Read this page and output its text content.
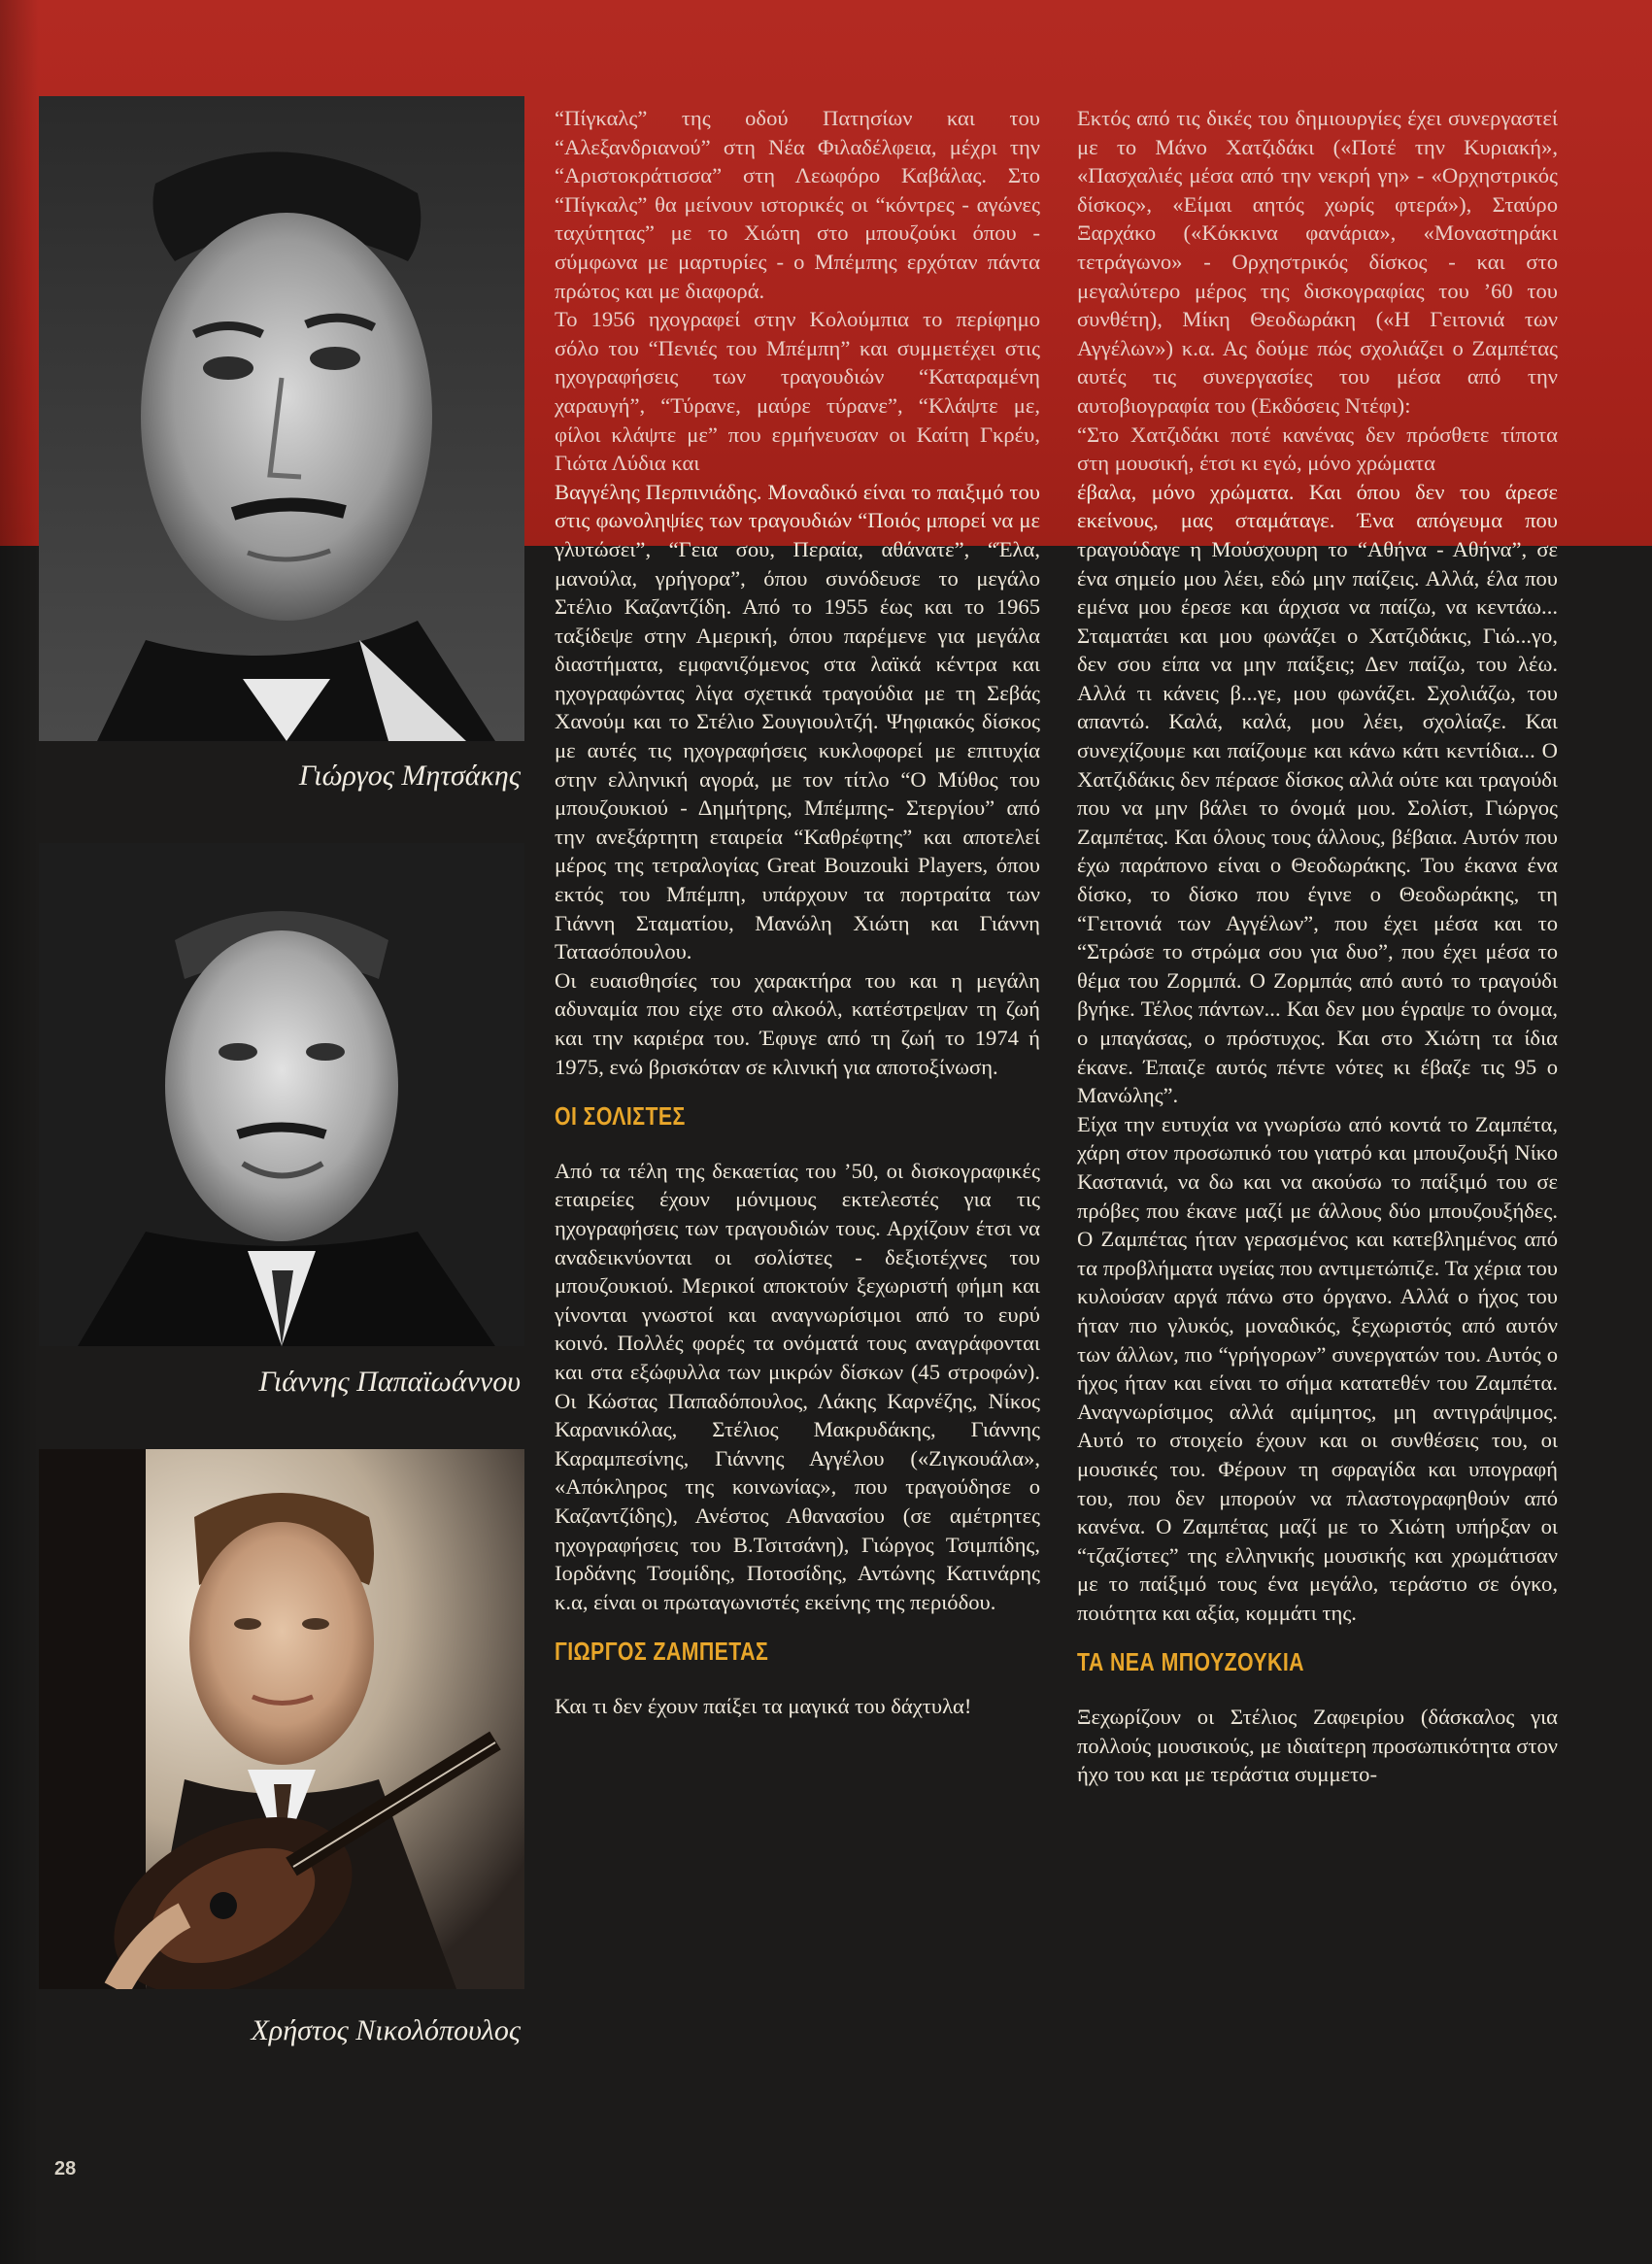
Γιώργος Μητσάκης
Γιάννης Παπαϊωάννου
Χρήστος Νικολόπουλος

“Πίγκαλς” της οδού Πατησίων και του “Αλεξανδριανού” στη Νέα Φιλαδέλφεια, μέχρι την “Αριστοκράτισσα” στη Λεωφόρο Καβάλας. Στο “Πίγκαλς” θα μείνουν ιστορικές οι “κόντρες - αγώνες ταχύτητας” με το Χιώτη στο μπουζούκι όπου - σύμφωνα με μαρτυρίες - ο Μπέμπης ερχόταν πάντα πρώτος και με διαφορά.

Το 1956 ηχογραφεί στην Κολούμπια το περίφημο σόλο του “Πενιές του Μπέμπη” και συμμετέχει στις ηχογραφήσεις των τραγουδιών “Καταραμένη χαραυγή”, “Τύρανε, μαύρε τύρανε”, “Κλάψτε με, φίλοι κλάψτε με” που ερμήνευσαν οι Καίτη Γκρέυ, Γιώτα Λύδια και

Βαγγέλης Περπινιάδης. Μοναδικό είναι το παιξιμό του στις φωνοληψίες των τραγουδιών “Ποιός μπορεί να με γλυτώσει”, “Γεια σου, Περαία, αθάνατε”, “Έλα, μανούλα, γρήγορα”, όπου συνόδευσε το μεγάλο Στέλιο Καζαντζίδη. Από το 1955 έως και το 1965 ταξίδεψε στην Αμερική, όπου παρέμενε για μεγάλα διαστήματα, εμφανιζόμενος στα λαϊκά κέντρα και ηχογραφώντας λίγα σχετικά τραγούδια με τη Σεβάς Χανούμ και το Στέλιο Σουγιουλτζή. Ψηφιακός δίσκος με αυτές τις ηχογραφήσεις κυκλοφορεί με επιτυχία στην ελληνική αγορά, με τον τίτλο “Ο Μύθος του μπουζουκιού - Δημήτρης, Μπέμπης- Στεργίου” από την ανεξάρτητη εταιρεία “Καθρέφτης” και αποτελεί μέρος της τετραλογίας Great Bouzouki Players, όπου εκτός του Μπέμπη, υπάρχουν τα πορτραίτα των Γιάννη Σταματίου, Μανώλη Χιώτη και Γιάννη Τατασόπουλου.

Οι ευαισθησίες του χαρακτήρα του και η μεγάλη αδυναμία που είχε στο αλκοόλ, κατέστρεψαν τη ζωή και την καριέρα του. Έφυγε από τη ζωή το 1974 ή 1975, ενώ βρισκόταν σε κλινική για αποτοξίνωση.

ΟΙ ΣΟΛΙΣΤΕΣ

Από τα τέλη της δεκαετίας του ’50, οι δισκογραφικές εταιρείες έχουν μόνιμους εκτελεστές για τις ηχογραφήσεις των τραγουδιών τους. Αρχίζουν έτσι να αναδεικνύονται οι σολίστες - δεξιοτέχνες του μπουζουκιού. Μερικοί αποκτούν ξεχωριστή φήμη και γίνονται γνωστοί και αναγνωρίσιμοι από το ευρύ κοινό. Πολλές φορές τα ονόματά τους αναγράφονται και στα εξώφυλλα των μικρών δίσκων (45 στροφών). Οι Κώστας Παπαδόπουλος, Λάκης Καρνέζης, Νίκος Καρανικόλας, Στέλιος Μακρυδάκης, Γιάννης Καραμπεσίνης, Γιάννης Αγγέλου («Ζιγκουάλα», «Απόκληρος της κοινωνίας», που τραγούδησε ο Καζαντζίδης), Ανέστος Αθανασίου (σε αμέτρητες ηχογραφήσεις του Β.Τσιτσάνη), Γιώργος Τσιμπίδης, Ιορδάνης Τσομίδης, Ποτοσίδης, Αντώνης Κατινάρης κ.α, είναι οι πρωταγωνιστές εκείνης της περιόδου.

ΓΙΩΡΓΟΣ ΖΑΜΠΕΤΑΣ

Και τι δεν έχουν παίξει τα μαγικά του δάχτυλα!

Εκτός από τις δικές του δημιουργίες έχει συνεργαστεί με το Μάνο Χατζιδάκι («Ποτέ την Κυριακή», «Πασχαλιές μέσα από την νεκρή γη» - «Ορχηστρικός δίσκος», «Είμαι αητός χωρίς φτερά»), Σταύρο Ξαρχάκο («Κόκκινα φανάρια», «Μοναστηράκι τετράγωνο» - Ορχηστρικός δίσκος - και στο μεγαλύτερο μέρος της δισκογραφίας του ’60 του συνθέτη), Μίκη Θεοδωράκη («Η Γειτονιά των Αγγέλων») κ.α. Ας δούμε πώς σχολιάζει ο Ζαμπέτας αυτές τις συνεργασίες του μέσα από την αυτοβιογραφία του (Εκδόσεις Ντέφι):

“Στο Χατζιδάκι ποτέ κανένας δεν πρόσθετε τίποτα στη μουσική, έτσι κι εγώ, μόνο χρώματα

έβαλα, μόνο χρώματα. Και όπου δεν του άρεσε εκείνους, μας σταμάταγε. Ένα απόγευμα που τραγούδαγε η Μούσχουρη το “Αθήνα - Αθήνα”, σε ένα σημείο μου λέει, εδώ μην παίζεις. Αλλά, έλα που εμένα μου έρεσε και άρχισα να παίζω, να κεντάω... Σταματάει και μου φωνάζει ο Χατζιδάκις, Γιώ...γο, δεν σου είπα να μην παίξεις; Δεν παίζω, του λέω. Αλλά τι κάνεις β...γε, μου φωνάζει. Σχολιάζω, του απαντώ. Καλά, καλά, μου λέει, σχολίαζε. Και συνεχίζουμε και παίζουμε και κάνω κάτι κεντίδια... Ο Χατζιδάκις δεν πέρασε δίσκος αλλά ούτε και τραγούδι που να μην βάλει το όνομά μου. Σολίστ, Γιώργος Ζαμπέτας. Και όλους τους άλλους, βέβαια. Αυτόν που έχω παράπονο είναι ο Θεοδωράκης. Του έκανα ένα δίσκο, το δίσκο που έγινε ο Θεοδωράκης, τη “Γειτονιά των Αγγέλων”, που έχει μέσα και το “Στρώσε το στρώμα σου για δυο”, που έχει μέσα το θέμα του Ζορμπά. Ο Ζορμπάς από αυτό το τραγούδι βγήκε. Τέλος πάντων... Και δεν μου έγραψε το όνομα, ο μπαγάσας, ο πρόστυχος. Και στο Χιώτη τα ίδια έκανε. Έπαιζε αυτός πέντε νότες κι έβαζε τις 95 ο Μανώλης”.

Είχα την ευτυχία να γνωρίσω από κοντά το Ζαμπέτα, χάρη στον προσωπικό του γιατρό και μπουζουξή Νίκο Καστανιά, να δω και να ακούσω το παίξιμό του σε πρόβες που έκανε μαζί με άλλους δύο μπουζουξήδες. Ο Ζαμπέτας ήταν γερασμένος και κατεβλημένος από τα προβλήματα υγείας που αντιμετώπιζε. Τα χέρια του κυλούσαν αργά πάνω στο όργανο. Αλλά ο ήχος του ήταν πιο γλυκός, μοναδικός, ξεχωριστός από αυτόν των άλλων, πιο “γρήγορων” συνεργατών του. Αυτός ο ήχος ήταν και είναι το σήμα κατατεθέν του Ζαμπέτα. Αναγνωρίσιμος αλλά αμίμητος, μη αντιγράψιμος. Αυτό το στοιχείο έχουν και οι συνθέσεις του, οι μουσικές του. Φέρουν τη σφραγίδα και υπογραφή του, που δεν μπορούν να πλαστογραφηθούν από κανένα. Ο Ζαμπέτας μαζί με το Χιώτη υπήρξαν οι “τζαζίστες” της ελληνικής μουσικής και χρωμάτισαν με το παίξιμό τους ένα μεγάλο, τεράστιο σε όγκο, ποιότητα και αξία, κομμάτι της.

ΤΑ ΝΕΑ ΜΠΟΥΖΟΥΚΙΑ

Ξεχωρίζουν οι Στέλιος Ζαφειρίου (δάσκαλος για πολλούς μουσικούς, με ιδιαίτερη προσωπικότητα στον ήχο του και με τεράστια συμμετο-

28
